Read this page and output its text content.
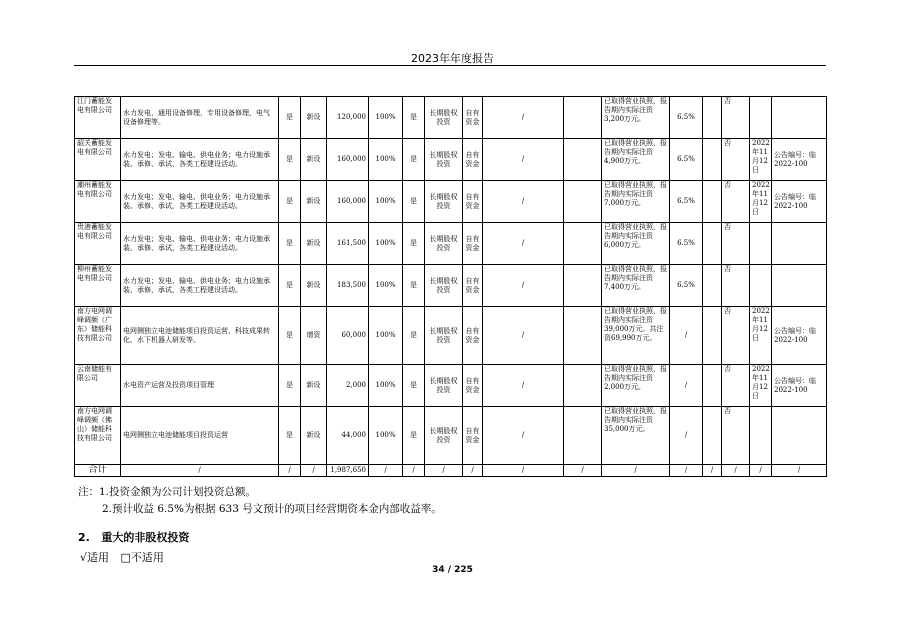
2023年年度报告
江门蓄能发电有限公司	水力发电，通用设备修理，专用设备修理，电气设备修理等。	是	新设	120,000	100%	是	长期股权投资	自有资金	/		已取得营业执照，报告期内实际注资3,200万元。	6.5%		否		
韶关蓄能发电有限公司	水力发电；发电、输电、供电业务；电力设施承装、承修、承试，各类工程建设活动。	是	新设	160,000	100%	是	长期股权投资	自有资金	/		已取得营业执照，报告期内实际注资4,900万元。	6.5%		否	2022年11月12日	公告编号：临2022-100
潮州蓄能发电有限公司	水力发电；发电、输电、供电业务；电力设施承装、承修、承试，各类工程建设活动。	是	新设	160,000	100%	是	长期股权投资	自有资金	/		已取得营业执照，报告期内实际注资7,000万元。	6.5%		否	2022年11月12日	公告编号：临2022-100
贵港蓄能发电有限公司	水力发电；发电、输电、供电业务；电力设施承装、承修、承试，各类工程建设活动。	是	新设	161,500	100%	是	长期股权投资	自有资金	/		已取得营业执照，报告期内实际注资6,000万元。	6.5%		否		
柳州蓄能发电有限公司	水力发电；发电、输电、供电业务；电力设施承装、承修、承试，各类工程建设活动。	是	新设	183,500	100%	是	长期股权投资	自有资金	/		已取得营业执照，报告期内实际注资7,400万元。	6.5%		否		
南方电网调峰调频（广东）储能科技有限公司	电网侧独立电池储能项目投资运营、科技成果转化、水下机器人研发等。	是	增资	60,000	100%	是	长期股权投资	自有资金	/		已取得营业执照，报告期内实际注资39,000万元。共注资69,990万元。	/		否	2022年11月12日	公告编号：临2022-100
云南储能有限公司	水电资产运营及投资项目管理	是	新设	2,000	100%	是	长期股权投资	自有资金	/		已取得营业执照，报告期内实际注资2,000万元。	/		否	2022年11月12日	公告编号：临2022-100
南方电网调峰调频（佛山）储能科技有限公司	电网侧独立电池储能项目投资运营	是	新设	44,000	100%	是	长期股权投资	自有资金	/		已取得营业执照，报告期内实际注资35,000万元。	/		否		
合计	/	/	/	1,987,650	/	/	/	/	/	/	/	/	/	/	/	/
注：1.投资金额为公司计划投资总额。
2.预计收益 6.5%为根据 633 号文预计的项目经营期资本金内部收益率。
2.   重大的非股权投资
√适用 □不适用
34 / 225
